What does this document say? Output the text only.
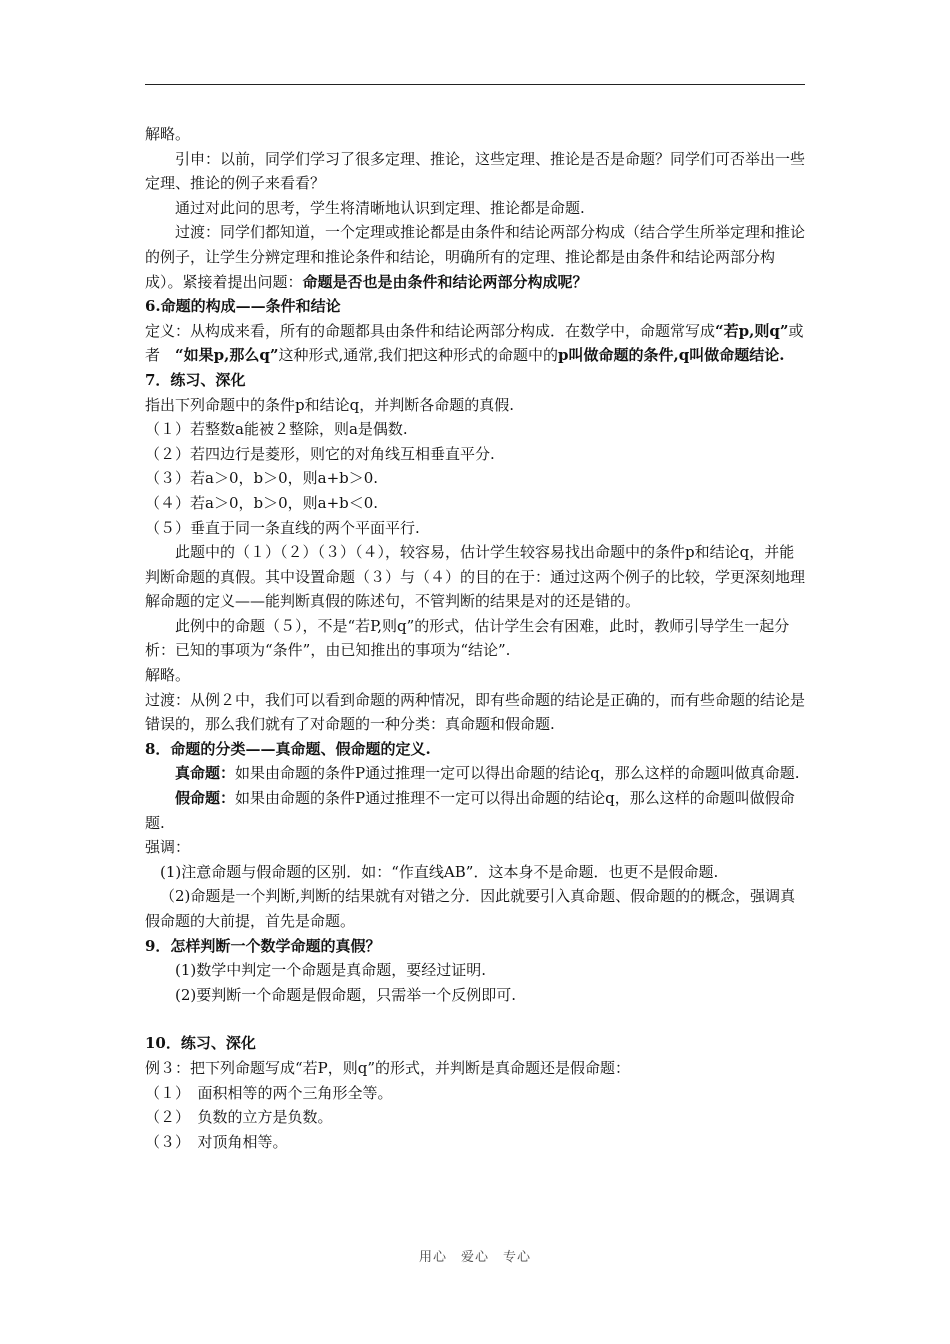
解略。

引申：以前，同学们学习了很多定理、推论，这些定理、推论是否是命题？同学们可否举出一些定理、推论的例子来看看？

通过对此问的思考，学生将清晰地认识到定理、推论都是命题.

过渡：同学们都知道，一个定理或推论都是由条件和结论两部分构成（结合学生所举定理和推论的例子，让学生分辨定理和推论条件和结论，明确所有的定理、推论都是由条件和结论两部分构成）。紧接着提出问题：命题是否也是由条件和结论两部分构成呢？

6.命题的构成——条件和结论

定义：从构成来看，所有的命题都具由条件和结论两部分构成．在数学中，命题常写成“若p,则q”或者　“如果p,那么q”这种形式,通常,我们把这种形式的命题中的p叫做命题的条件,q叫做命题结论.

7．练习、深化

指出下列命题中的条件p和结论q，并判断各命题的真假.

（１）若整数a能被２整除，则a是偶数.

（２）若四边行是菱形，则它的对角线互相垂直平分.

（３）若a＞0，b＞0，则a+b＞0.

（４）若a＞0，b＞0，则a+b＜0.

（５）垂直于同一条直线的两个平面平行.

此题中的（１）（２）（３）（４），较容易，估计学生较容易找出命题中的条件p和结论q，并能判断命题的真假。其中设置命题（３）与（４）的目的在于：通过这两个例子的比较，学更深刻地理解命题的定义——能判断真假的陈述句，不管判断的结果是对的还是错的。

此例中的命题（５），不是“若P,则q”的形式，估计学生会有困难，此时，教师引导学生一起分析：已知的事项为“条件”，由已知推出的事项为“结论”.

解略。

过渡：从例２中，我们可以看到命题的两种情况，即有些命题的结论是正确的，而有些命题的结论是错误的，那么我们就有了对命题的一种分类：真命题和假命题.

8．命题的分类——真命题、假命题的定义.

真命题：如果由命题的条件P通过推理一定可以得出命题的结论q，那么这样的命题叫做真命题.

假命题：如果由命题的条件P通过推理不一定可以得出命题的结论q，那么这样的命题叫做假命题.

强调：

(1)注意命题与假命题的区别．如：“作直线AB”．这本身不是命题．也更不是假命题.

（2)命题是一个判断,判断的结果就有对错之分．因此就要引入真命题、假命题的的概念，强调真假命题的大前提，首先是命题。

9．怎样判断一个数学命题的真假？

(1)数学中判定一个命题是真命题，要经过证明.

(2)要判断一个命题是假命题，只需举一个反例即可.

10．练习、深化

例３：把下列命题写成“若P，则q”的形式，并判断是真命题还是假命题：

（１）　面积相等的两个三角形全等。

（２）　负数的立方是负数。

（３）　对顶角相等。

用心　爱心　专心
